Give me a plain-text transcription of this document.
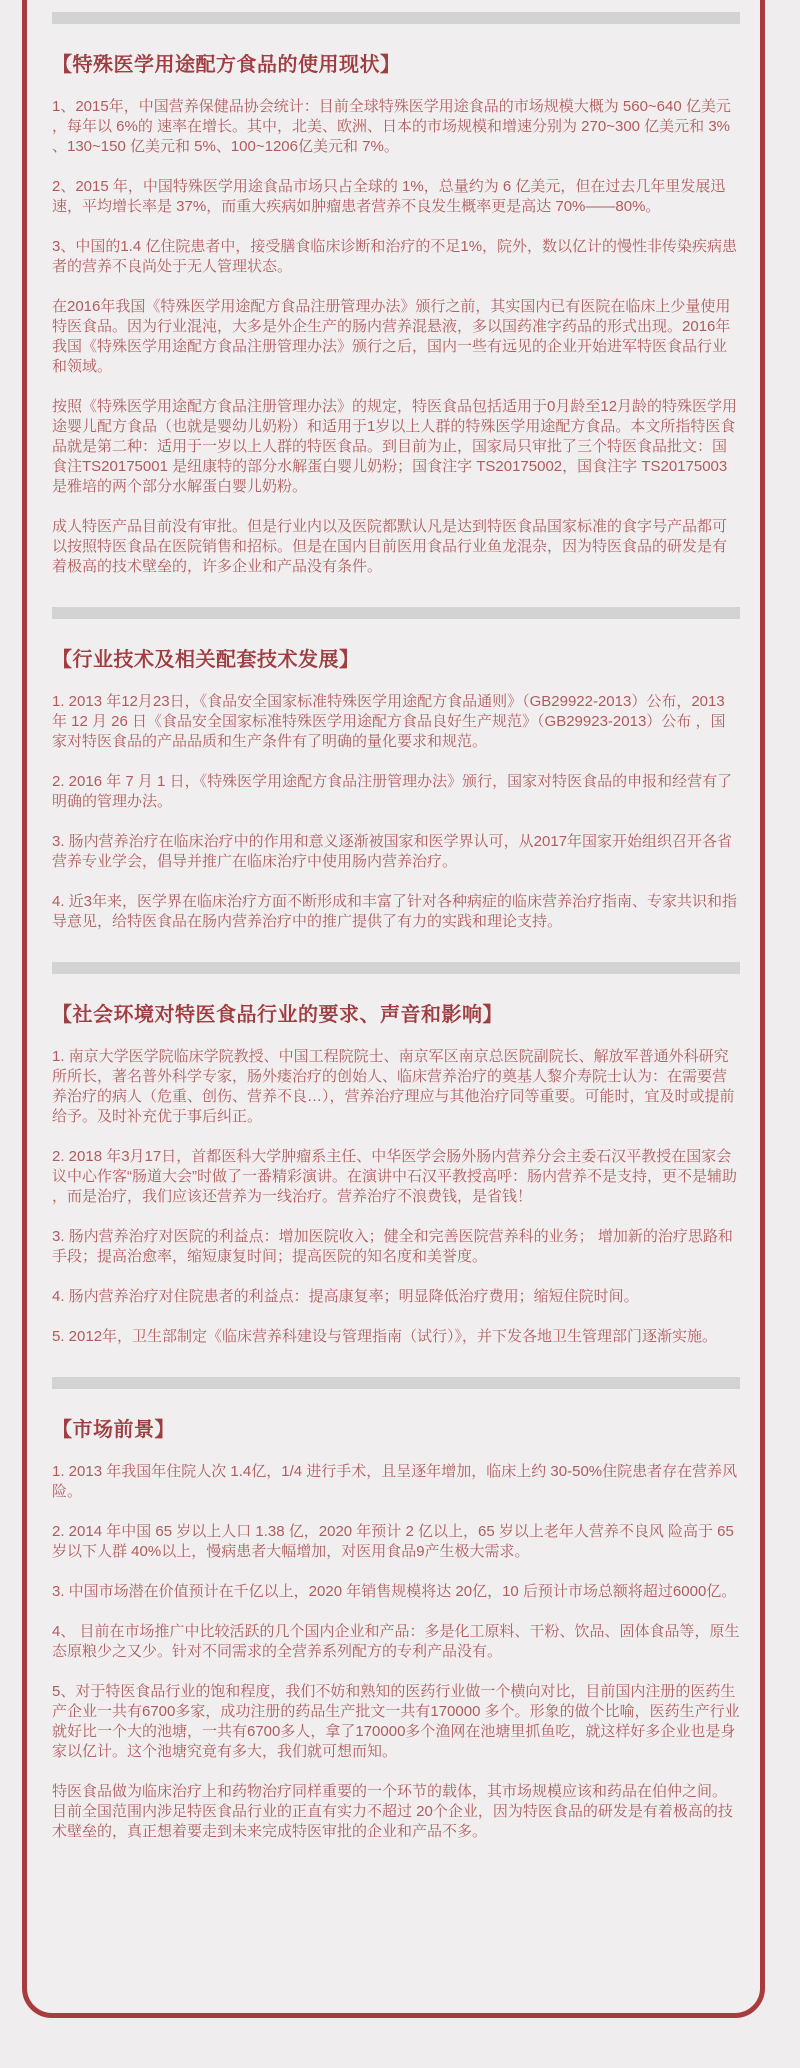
【特殊医学用途配方食品的使用现状】

1、2015年，中国营养保健品协会统计：目前全球特殊医学用途食品的市场规模大概为 560~640 亿美元，每年以 6%的 速率在增长。其中，北美、欧洲、日本的市场规模和增速分别为 270~300 亿美元和 3%、130~150 亿美元和 5%、100~1206亿美元和 7%。

2、2015 年，中国特殊医学用途食品市场只占全球的 1%，总量约为 6 亿美元，但在过去几年里发展迅速，平均增长率是 37%，而重大疾病如肿瘤患者营养不良发生概率更是高达 70%——80%。

3、中国的1.4 亿住院患者中，接受膳食临床诊断和治疗的不足1%，院外，数以亿计的慢性非传染疾病患者的营养不良尚处于无人管理状态。

在2016年我国《特殊医学用途配方食品注册管理办法》颁行之前，其实国内已有医院在临床上少量使用特医食品。因为行业混沌，大多是外企生产的肠内营养混悬液，多以国药准字药品的形式出现。2016年我国《特殊医学用途配方食品注册管理办法》颁行之后，国内一些有远见的企业开始进军特医食品行业和领域。

按照《特殊医学用途配方食品注册管理办法》的规定，特医食品包括适用于0月龄至12月龄的特殊医学用途婴儿配方食品（也就是婴幼儿奶粉）和适用于1岁以上人群的特殊医学用途配方食品。本文所指特医食品就是第二种：适用于一岁以上人群的特医食品。到目前为止，国家局只审批了三个特医食品批文：国食注TS20175001 是纽康特的部分水解蛋白婴儿奶粉；国食注字 TS20175002，国食注字 TS20175003是雅培的两个部分水解蛋白婴儿奶粉。

成人特医产品目前没有审批。但是行业内以及医院都默认凡是达到特医食品国家标准的食字号产品都可以按照特医食品在医院销售和招标。但是在国内目前医用食品行业鱼龙混杂，因为特医食品的研发是有着极高的技术壁垒的，许多企业和产品没有条件。

【行业技术及相关配套技术发展】

1. 2013 年12月23日，《食品安全国家标准特殊医学用途配方食品通则》（GB29922-2013）公布，2013 年 12 月 26 日《食品安全国家标准特殊医学用途配方食品良好生产规范》（GB29923-2013）公布 ，国家对特医食品的产品品质和生产条件有了明确的量化要求和规范。

2. 2016 年 7 月 1 日，《特殊医学用途配方食品注册管理办法》颁行，国家对特医食品的申报和经营有了明确的管理办法。

3. 肠内营养治疗在临床治疗中的作用和意义逐渐被国家和医学界认可，从2017年国家开始组织召开各省营养专业学会，倡导并推广在临床治疗中使用肠内营养治疗。

4. 近3年来，医学界在临床治疗方面不断形成和丰富了针对各种病症的临床营养治疗指南、专家共识和指导意见，给特医食品在肠内营养治疗中的推广提供了有力的实践和理论支持。

【社会环境对特医食品行业的要求、声音和影响】

1. 南京大学医学院临床学院教授、中国工程院院士、南京军区南京总医院副院长、解放军普通外科研究所所长，著名普外科学专家，肠外瘘治疗的创始人、临床营养治疗的奠基人黎介寿院士认为：在需要营养治疗的病人（危重、创伤、营养不良…），营养治疗理应与其他治疗同等重要。可能时，宜及时或提前给予。及时补充优于事后纠正。

2. 2018 年3月17日，首都医科大学肿瘤系主任、中华医学会肠外肠内营养分会主委石汉平教授在国家会议中心作客“肠道大会”时做了一番精彩演讲。在演讲中石汉平教授高呼：肠内营养不是支持，更不是辅助，而是治疗，我们应该还营养为一线治疗。营养治疗不浪费钱，是省钱！

3. 肠内营养治疗对医院的利益点：增加医院收入；健全和完善医院营养科的业务； 增加新的治疗思路和手段；提高治愈率，缩短康复时间；提高医院的知名度和美誉度。

4. 肠内营养治疗对住院患者的利益点：提高康复率；明显降低治疗费用；缩短住院时间。

5. 2012年，卫生部制定《临床营养科建设与管理指南（试行）》，并下发各地卫生管理部门逐渐实施。

【市场前景】

1. 2013 年我国年住院人次 1.4亿，1/4 进行手术，且呈逐年增加，临床上约 30-50%住院患者存在营养风险。

2. 2014 年中国 65 岁以上人口 1.38 亿，2020 年预计 2 亿以上，65 岁以上老年人营养不良风 险高于 65 岁以下人群 40%以上，慢病患者大幅增加，对医用食品9产生极大需求。

3. 中国市场潜在价值预计在千亿以上，2020 年销售规模将达 20亿，10 后预计市场总额将超过6000亿。

4、 目前在市场推广中比较活跃的几个国内企业和产品：多是化工原料、干粉、饮品、固体食品等，原生态原粮少之又少。针对不同需求的全营养系列配方的专利产品没有。

5、对于特医食品行业的饱和程度，我们不妨和熟知的医药行业做一个横向对比，目前国内注册的医药生产企业一共有6700多家，成功注册的药品生产批文一共有170000 多个。形象的做个比喻，医药生产行业就好比一个大的池塘，一共有6700多人，拿了170000多个渔网在池塘里抓鱼吃，就这样好多企业也是身家以亿计。这个池塘究竟有多大，我们就可想而知。

特医食品做为临床治疗上和药物治疗同样重要的一个环节的载体，其市场规模应该和药品在伯仲之间。目前全国范围内涉足特医食品行业的正直有实力不超过 20个企业，因为特医食品的研发是有着极高的技术壁垒的，真正想着要走到未来完成特医审批的企业和产品不多。
